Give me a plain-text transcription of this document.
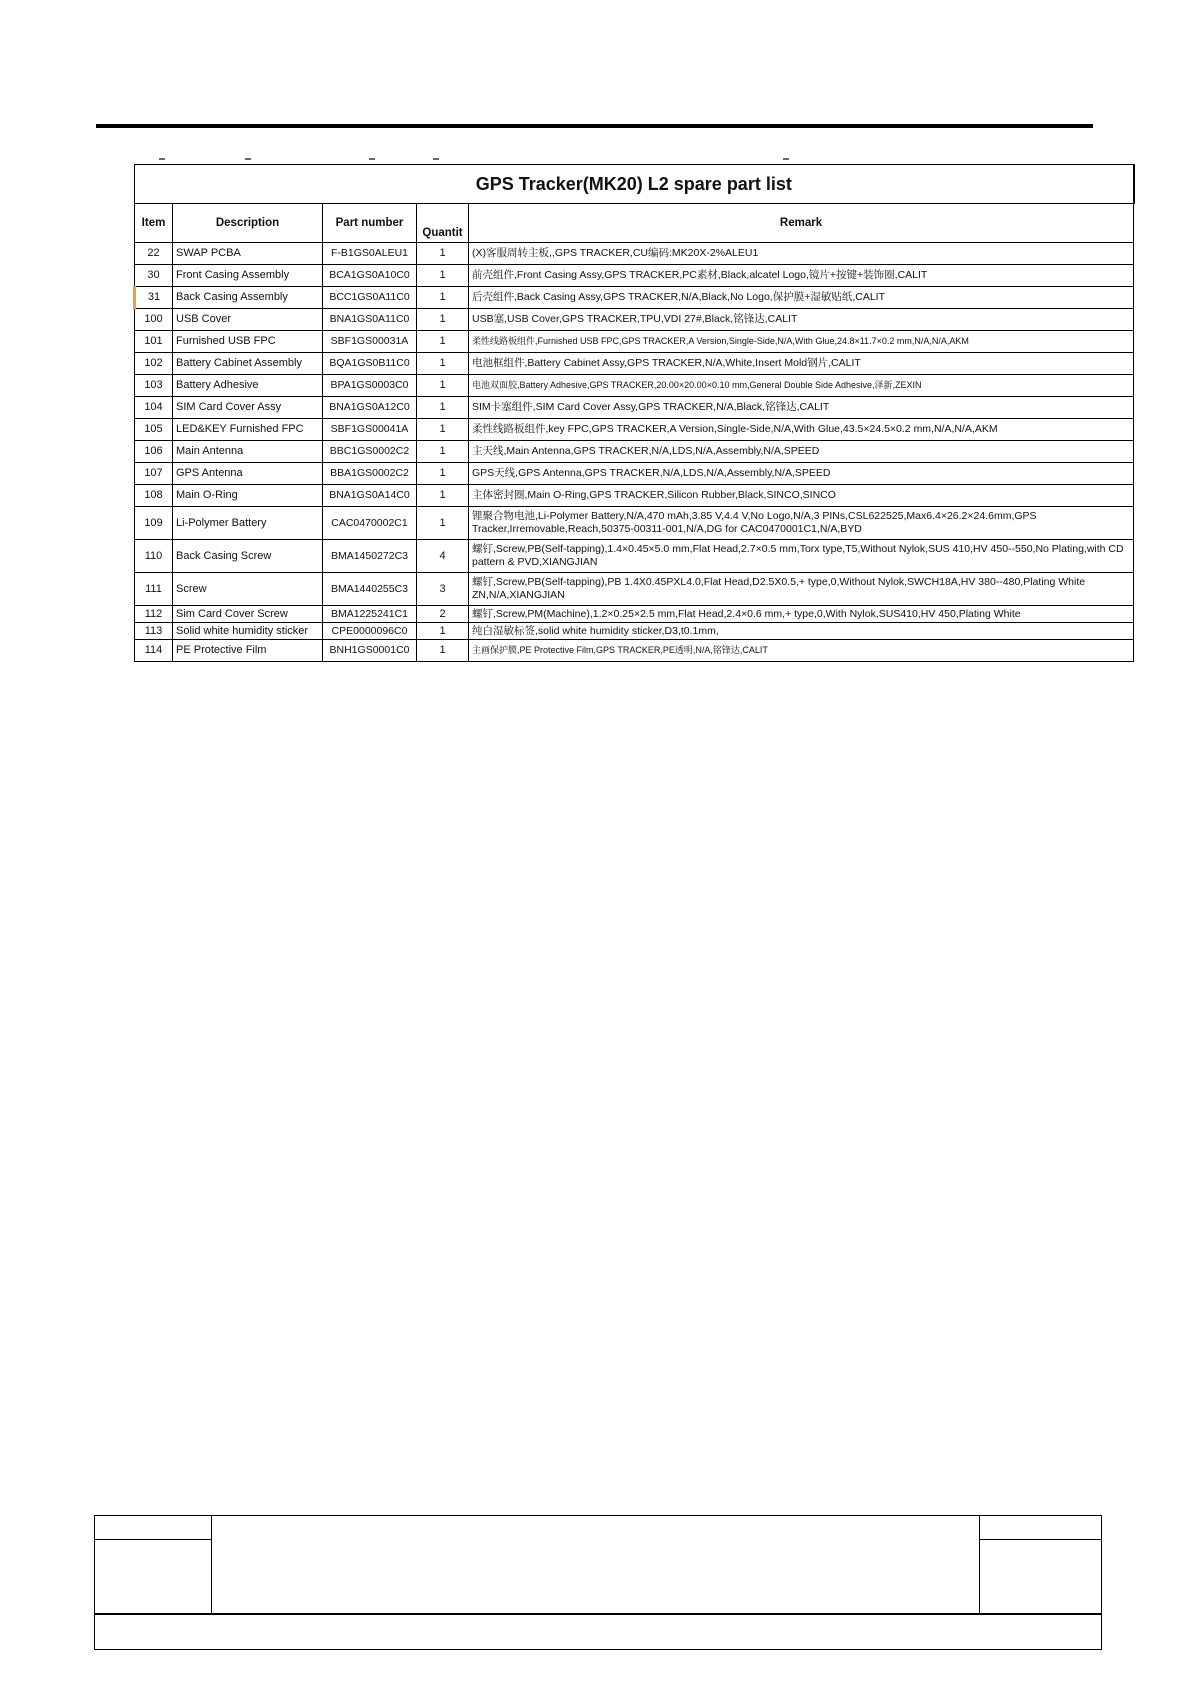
GPS Tracker(MK20) L2 spare part list				
Item	Description	Part number	Quantit	Remark
22	SWAP PCBA	F-B1GS0ALEU1	1	(X)客服周转主板,,GPS TRACKER,CU编码:MK20X-2%ALEU1
30	Front Casing Assembly	BCA1GS0A10C0	1	前壳组件,Front Casing Assy,GPS TRACKER,PC素材,Black,alcatel Logo,镜片+按键+装饰圈,CALIT
31	Back Casing Assembly	BCC1GS0A11C0	1	后壳组件,Back Casing Assy,GPS TRACKER,N/A,Black,No Logo,保护膜+湿敏贴纸,CALIT
100	USB Cover	BNA1GS0A11C0	1	USB塞,USB Cover,GPS TRACKER,TPU,VDI 27#,Black,铭锋达,CALIT
101	Furnished USB FPC	SBF1GS00031A	1	柔性线路板组件,Furnished USB FPC,GPS TRACKER,A Version,Single-Side,N/A,With Glue,24.8×11.7×0.2 mm,N/A,N/A,AKM
102	Battery Cabinet Assembly	BQA1GS0B11C0	1	电池框组件,Battery Cabinet Assy,GPS TRACKER,N/A,White,Insert Mold钢片,CALIT
103	Battery Adhesive	BPA1GS0003C0	1	电池双面胶,Battery Adhesive,GPS TRACKER,20.00×20.00×0.10 mm,General Double Side Adhesive,泽新,ZEXIN
104	SIM Card Cover Assy	BNA1GS0A12C0	1	SIM卡塞组件,SIM Card Cover Assy,GPS TRACKER,N/A,Black,铭锋达,CALIT
105	LED&KEY Furnished FPC	SBF1GS00041A	1	柔性线路板组件,key FPC,GPS TRACKER,A Version,Single-Side,N/A,With Glue,43.5×24.5×0.2 mm,N/A,N/A,AKM
106	Main Antenna	BBC1GS0002C2	1	主天线,Main Antenna,GPS TRACKER,N/A,LDS,N/A,Assembly,N/A,SPEED
107	GPS Antenna	BBA1GS0002C2	1	GPS天线,GPS Antenna,GPS TRACKER,N/A,LDS,N/A,Assembly,N/A,SPEED
108	Main O-Ring	BNA1GS0A14C0	1	主体密封圈,Main O-Ring,GPS TRACKER,Silicon Rubber,Black,SINCO,SINCO
109	Li-Polymer Battery	CAC0470002C1	1	锂聚合物电池,Li-Polymer Battery,N/A,470 mAh,3.85 V,4.4 V,No Logo,N/A,3 PINs,CSL622525,Max6.4×26.2×24.6mm,GPS Tracker,Irremovable,Reach,50375-00311-001,N/A,DG for CAC0470001C1,N/A,BYD
110	Back Casing Screw	BMA1450272C3	4	螺钉,Screw,PB(Self-tapping),1.4×0.45×5.0 mm,Flat Head,2.7×0.5 mm,Torx type,T5,Without Nylok,SUS 410,HV 450--550,No Plating,with CD pattern & PVD,XIANGJIAN
111	Screw	BMA1440255C3	3	螺钉,Screw,PB(Self-tapping),PB 1.4X0.45PXL4.0,Flat Head,D2.5X0.5,+ type,0,Without Nylok,SWCH18A,HV 380--480,Plating White ZN,N/A,XIANGJIAN
112	Sim Card Cover Screw	BMA1225241C1	2	螺钉,Screw,PM(Machine),1.2×0.25×2.5 mm,Flat Head,2.4×0.6 mm,+ type,0,With Nylok,SUS410,HV 450,Plating White
113	Solid white humidity sticker	CPE0000096C0	1	纯白湿敏标签,solid white humidity sticker,D3,t0.1mm,
114	PE Protective Film	BNH1GS0001C0	1	主画保护膜,PE Protective Film,GPS TRACKER,PE透明,N/A,铭锋达,CALIT
